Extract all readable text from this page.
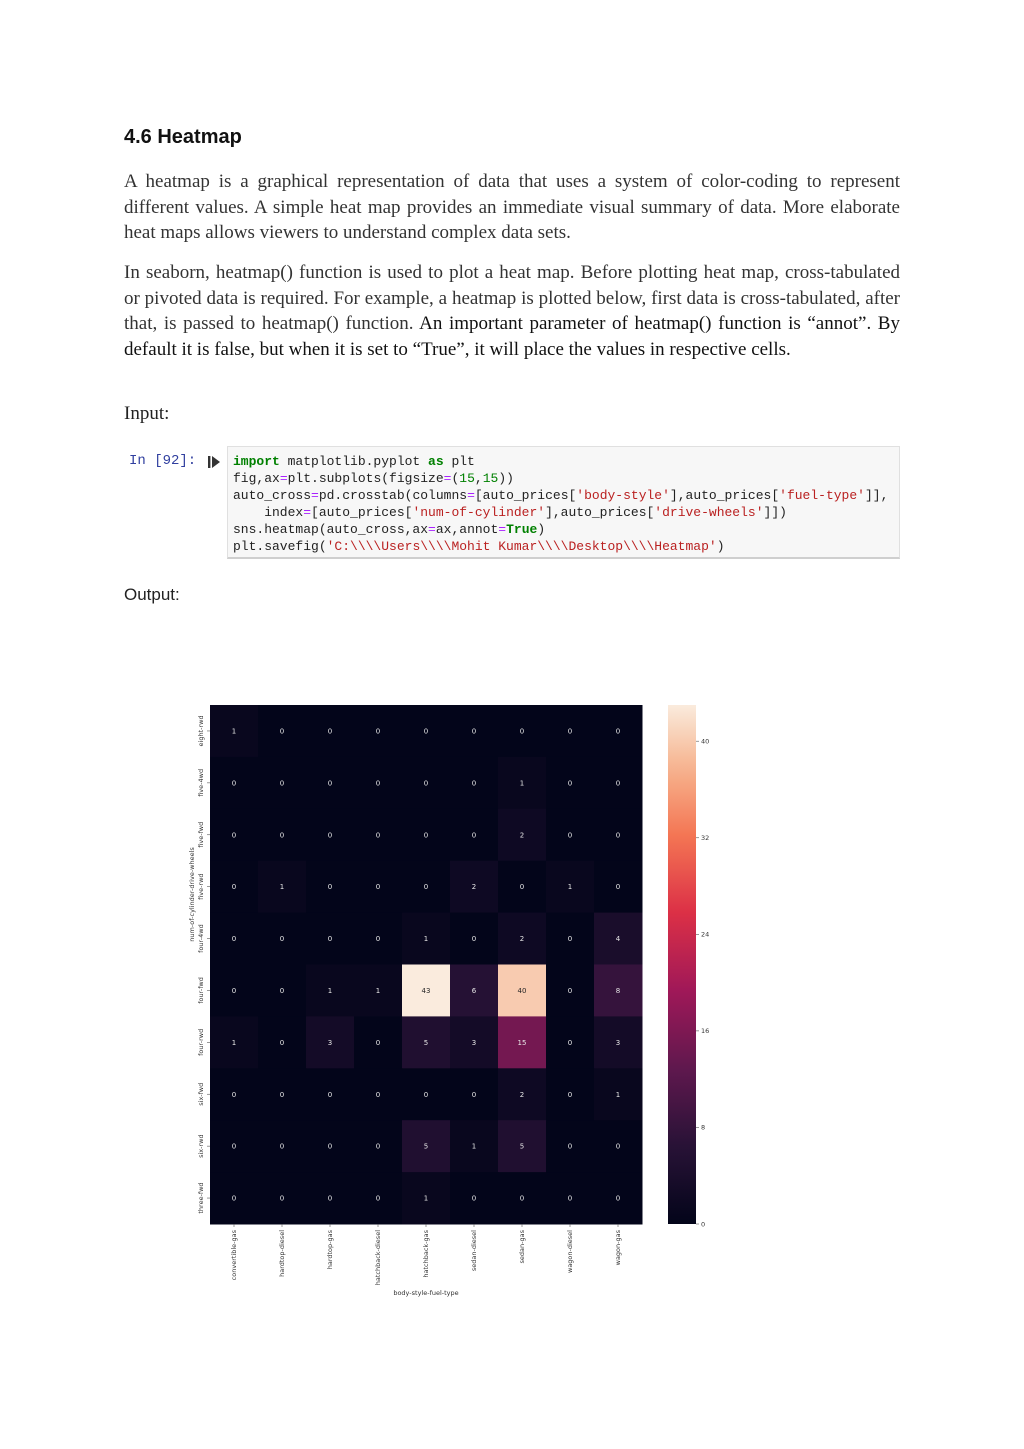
4.6 Heatmap

A heatmap is a graphical representation of data that uses a system of color-coding to represent different values. A simple heat map provides an immediate visual summary of data. More elaborate heat maps allows viewers to understand complex data sets.

In seaborn, heatmap() function is used to plot a heat map. Before plotting heat map, cross-tabulated or pivoted data is required. For example, a heatmap is plotted below, first data is cross-tabulated, after that, is passed to heatmap() function. An important parameter of heatmap() function is “annot”. By default it is false, but when it is set to “True”, it will place the values in respective cells.

Input:
In [92]:	import matplotlib.pyplot as plt
fig,ax=plt.subplots(figsize=(15,15))
auto_cross=pd.crosstab(columns=[auto_prices['body-style'],auto_prices['fuel-type']],
index=[auto_prices['num-of-cylinder'],auto_prices['drive-wheels']])
sns.heatmap(auto_cross,ax=ax,annot=True)
plt.savefig('C:\\\\Users\\\\Mohit Kumar\\\\Desktop\\\\Heatmap')
Output:
1	0	0	0	0	0	0	0	0
0	0	0	0	0	0	1	0	0
0	0	0	0	0	0	2	0	0
0	1	0	0	0	2	0	1	0
0	0	0	0	1	0	2	0	4
0	0	1	1	43	6	40	0	8
1	0	3	0	5	3	15	0	3
0	0	0	0	0	0	2	0	1
0	0	0	0	5	1	5	0	0
0	0	0	0	1	0	0	0	0
eight-rwd
five-4wd
five-fwd
five-rwd
four-4wd
four-fwd
four-rwd
six-fwd
six-rwd
three-fwd
convertible-gas	hardtop-diesel	hardtop-gas	hatchback-diesel	hatchback-gas	sedan-diesel	sedan-gas	wagon-diesel	wagon-gas
body-style-fuel-type
num-of-cylinder-drive-wheels
0
8
16
24
32
40
